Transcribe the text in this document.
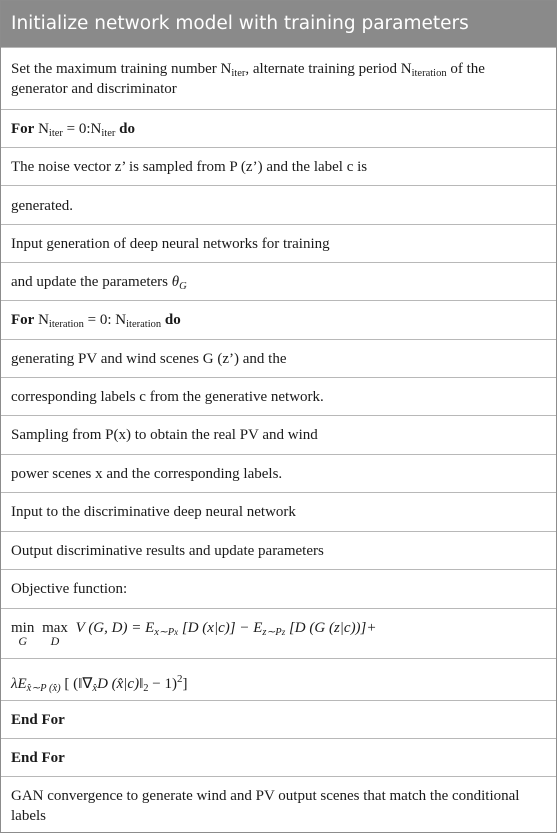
Initialize network model with training parameters
Set the maximum training number $N_{iter}$, alternate training period $N_{iteration}$ of the
generator and discriminator
For $N_{iter}$ = $0:N_{iter}$ do
The noise vector z’ is sampled from P (z’) and the label c is
generated.
Input generation of deep neural networks for training
and update the parameters $\theta_G$
For $N_{iteration} = 0$: $N_{iteration}$ do
generating PV and wind scenes G (z’) and the
corresponding labels c from the generative network.
Sampling from P(x) to obtain the real PV and wind
power scenes x and the corresponding labels.
Input to the discriminative deep neural network
Output discriminative results and update parameters
Objective function:
min
G
max
D
V (G, $D) = E_{x\sim Px}$ [D $(x|c)] - E_{z\sim Pz}$ [D (G (z|c))]+
$\lambda E_{x̂\sim P (x̂)}$ [ ($‖\nabla_{x̂}D$ $(x̂|c)‖_2 - 1)^2$]
End For
End For
GAN convergence to generate wind and PV output scenes that match the conditional
labels
